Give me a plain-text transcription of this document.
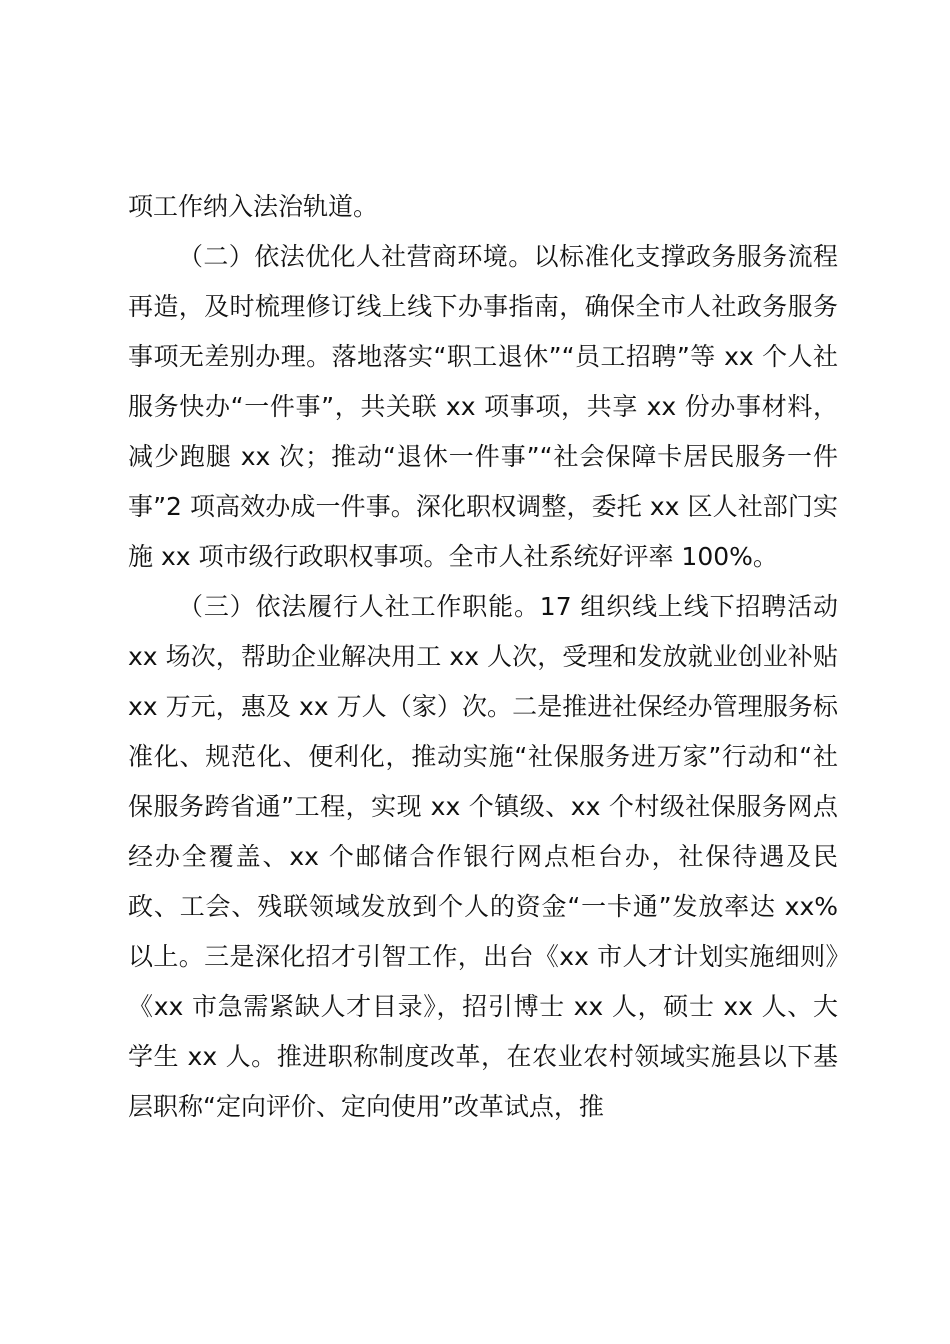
项工作纳入法治轨道。

（二）依法优化人社营商环境。以标准化支撑政务服务流程再造，及时梳理修订线上线下办事指南，确保全市人社政务服务事项无差别办理。落地落实“职工退休”“员工招聘”等 xx 个人社服务快办“一件事”，共关联 xx 项事项，共享 xx 份办事材料，减少跑腿 xx 次；推动“退休一件事”“社会保障卡居民服务一件事”2 项高效办成一件事。深化职权调整，委托 xx 区人社部门实施 xx 项市级行政职权事项。全市人社系统好评率 100%。

（三）依法履行人社工作职能。17 组织线上线下招聘活动 xx 场次，帮助企业解决用工 xx 人次，受理和发放就业创业补贴 xx 万元，惠及 xx 万人（家）次。二是推进社保经办管理服务标准化、规范化、便利化，推动实施“社保服务进万家”行动和“社保服务跨省通”工程，实现 xx 个镇级、xx 个村级社保服务网点经办全覆盖、xx 个邮储合作银行网点柜台办，社保待遇及民政、工会、残联领域发放到个人的资金“一卡通”发放率达 xx%以上。三是深化招才引智工作，出台《xx 市人才计划实施细则》《xx 市急需紧缺人才目录》，招引博士 xx 人，硕士 xx 人、大学生 xx 人。推进职称制度改革，在农业农村领域实施县以下基层职称“定向评价、定向使用”改革试点，推
